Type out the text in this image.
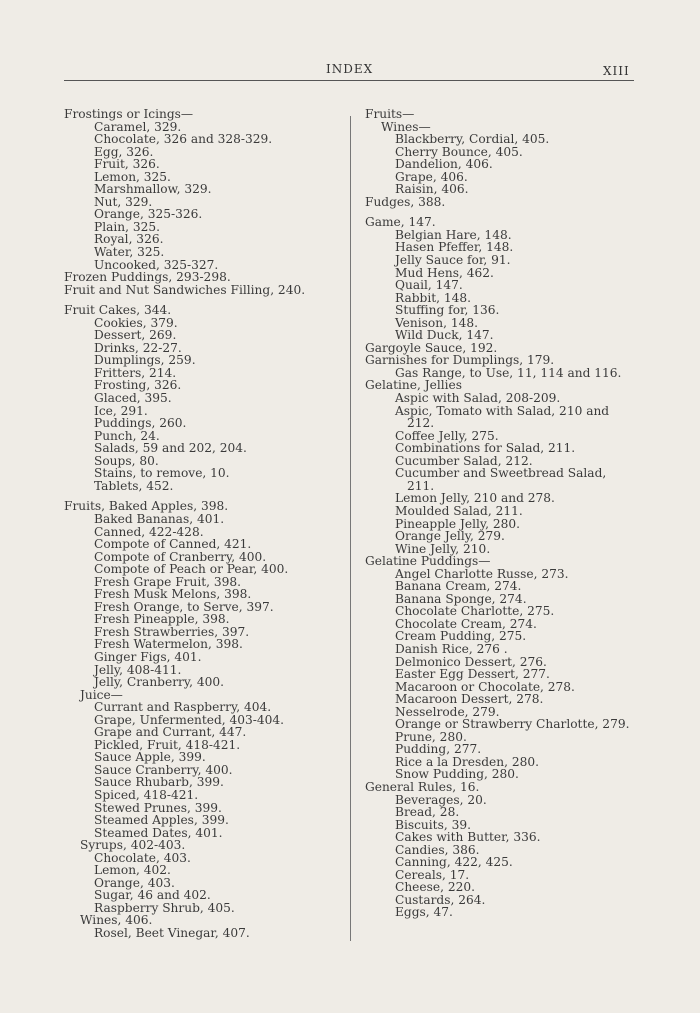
INDEX	XIII
Frostings or Icings—
Caramel, 329.
Chocolate, 326 and 328-329.
Egg, 326.
Fruit, 326.
Lemon, 325.
Marshmallow, 329.
Nut, 329.
Orange, 325-326.
Plain, 325.
Royal, 326.
Water, 325.
Uncooked, 325-327.
Frozen Puddings, 293-298.
Fruit and Nut Sandwiches Filling, 240.
Fruit Cakes, 344.
Cookies, 379.
Dessert, 269.
Drinks, 22-27.
Dumplings, 259.
Fritters, 214.
Frosting, 326.
Glaced, 395.
Ice, 291.
Puddings, 260.
Punch, 24.
Salads, 59 and 202, 204.
Soups, 80.
Stains, to remove, 10.
Tablets, 452.
Fruits, Baked Apples, 398.
Baked Bananas, 401.
Canned, 422-428.
Compote of Canned, 421.
Compote of Cranberry, 400.
Compote of Peach or Pear, 400.
Fresh Grape Fruit, 398.
Fresh Musk Melons, 398.
Fresh Orange, to Serve, 397.
Fresh Pineapple, 398.
Fresh Strawberries, 397.
Fresh Watermelon, 398.
Ginger Figs, 401.
Jelly, 408-411.
Jelly, Cranberry, 400.
Juice—
Currant and Raspberry, 404.
Grape, Unfermented, 403-404.
Grape and Currant, 447.
Pickled, Fruit, 418-421.
Sauce Apple, 399.
Sauce Cranberry, 400.
Sauce Rhubarb, 399.
Spiced, 418-421.
Stewed Prunes, 399.
Steamed Apples, 399.
Steamed Dates, 401.
Syrups, 402-403.
Chocolate, 403.
Lemon, 402.
Orange, 403.
Sugar, 46 and 402.
Raspberry Shrub, 405.
Wines, 406.
Rosel, Beet Vinegar, 407.
Fruits—
Wines—
Blackberry, Cordial, 405.
Cherry Bounce, 405.
Dandelion, 406.
Grape, 406.
Raisin, 406.
Fudges, 388.
Game, 147.
Belgian Hare, 148.
Hasen Pfeffer, 148.
Jelly Sauce for, 91.
Mud Hens, 462.
Quail, 147.
Rabbit, 148.
Stuffing for, 136.
Venison, 148.
Wild Duck, 147.
Gargoyle Sauce, 192.
Garnishes for Dumplings, 179.
Gas Range, to Use, 11, 114 and 116.
Gelatine, Jellies
Aspic with Salad, 208-209.
Aspic, Tomato with Salad, 210 and 212.
Coffee Jelly, 275.
Combinations for Salad, 211.
Cucumber Salad, 212.
Cucumber and Sweetbread Salad, 211.
Lemon Jelly, 210 and 278.
Moulded Salad, 211.
Pineapple Jelly, 280.
Orange Jelly, 279.
Wine Jelly, 210.
Gelatine Puddings—
Angel Charlotte Russe, 273.
Banana Cream, 274.
Banana Sponge, 274.
Chocolate Charlotte, 275.
Chocolate Cream, 274.
Cream Pudding, 275.
Danish Rice, 276 .
Delmonico Dessert, 276.
Easter Egg Dessert, 277.
Macaroon or Chocolate, 278.
Macaroon Dessert, 278.
Nesselrode, 279.
Orange or Strawberry Charlotte, 279.
Prune, 280.
Pudding, 277.
Rice a la Dresden, 280.
Snow Pudding, 280.
General Rules, 16.
Beverages, 20.
Bread, 28.
Biscuits, 39.
Cakes with Butter, 336.
Candies, 386.
Canning, 422, 425.
Cereals, 17.
Cheese, 220.
Custards, 264.
Eggs, 47.
